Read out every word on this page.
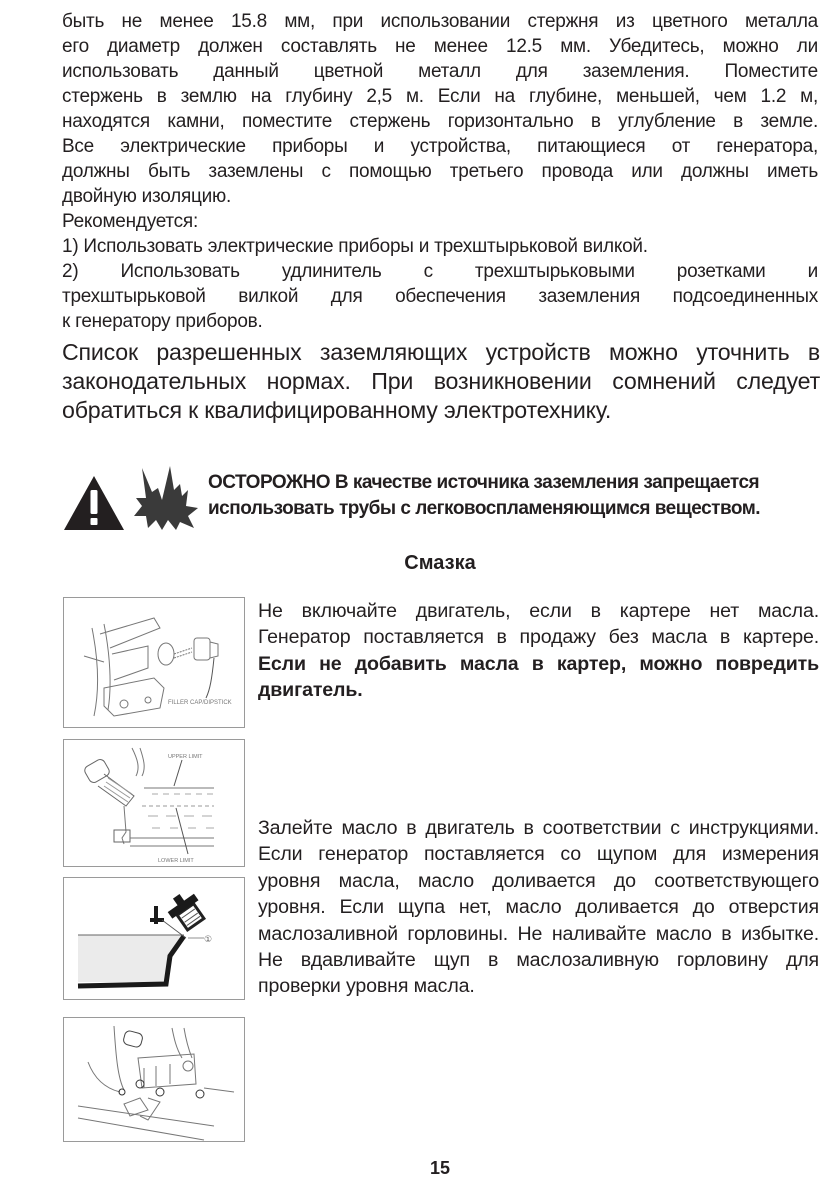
быть не менее 15.8 мм, при использовании стержня из цветного металла

его диаметр должен составлять не менее 12.5 мм. Убедитесь, можно ли

использовать данный цветной металл для заземления. Поместите

стержень в землю на глубину 2,5 м. Если на глубине, меньшей, чем 1.2 м,

находятся камни, поместите стержень горизонтально в углубление в земле.

Все электрические приборы и устройства, питающиеся от генератора,

должны быть заземлены с помощью третьего провода или должны иметь

двойную изоляцию.

Рекомендуется:

1) Использовать электрические приборы и трехштырьковой вилкой.

2) Использовать удлинитель с трехштырьковыми розетками и

трехштырьковой вилкой для обеспечения заземления подсоединенных

к генератору приборов.

Список разрешенных заземляющих устройств можно уточнить в

законодательных нормах. При возникновении сомнений следует

обратиться к квалифицированному электротехнику.

ОСТОРОЖНО В качестве источника заземления запрещается
использовать трубы с легковоспламеняющимся веществом.
Смазка
FILLER CAP/DIPSTICK
UPPER LIMIT
LOWER LIMIT
①

Не включайте двигатель, если в картере нет масла. Генератор поставляется в продажу без масла в картере. Если не добавить масла в картер, можно повредить двигатель.

Залейте масло в двигатель в соответствии с инструкциями. Если генератор поставляется со щупом для измерения уровня масла, масло доливается до соответствующего уровня. Если щупа нет, масло доливается до отверстия маслозаливной горловины. Не наливайте масло в избытке. Не вдавливайте щуп в маслозаливную горловину для проверки уровня масла.

15
